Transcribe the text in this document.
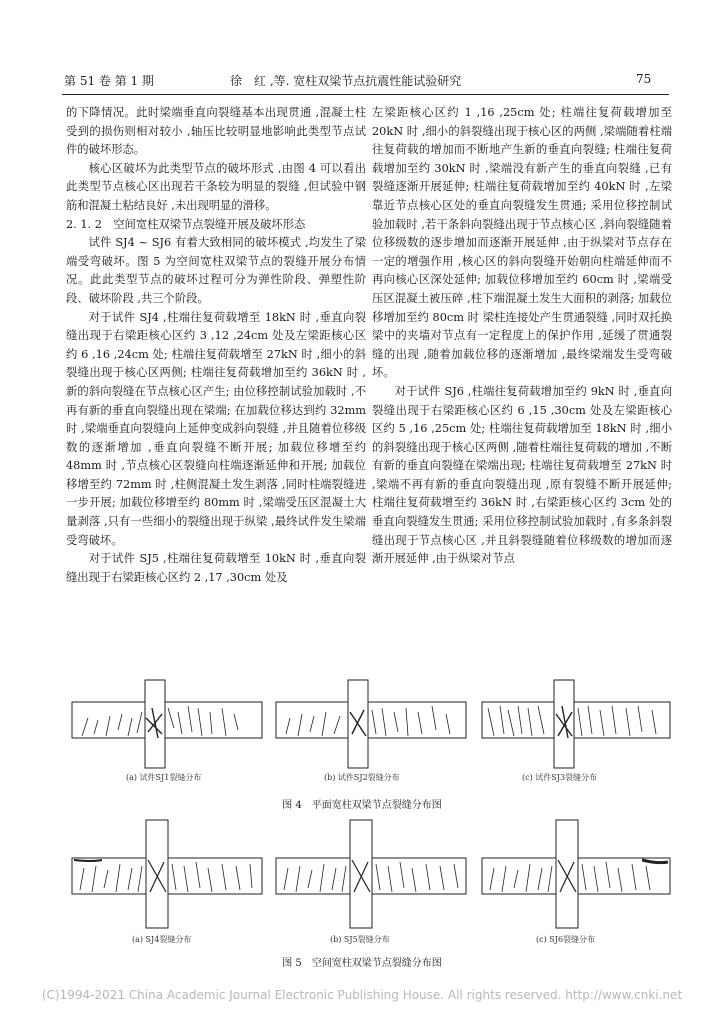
第 51 卷 第 1 期	徐　红 ,等. 宽柱双梁节点抗震性能试验研究	75

的下降情况。此时梁端垂直向裂缝基本出现贯通 ,混凝土柱受到的损伤则相对较小 ,轴压比较明显地影响此类型节点试件的破坏形态。

核心区破坏为此类型节点的破坏形式 ,由图 4 可以看出 此类型节点核心区出现若干条较为明显的裂缝 ,但试验中钢筋和混凝土粘结良好 ,未出现明显的滑移。

2. 1. 2　空间宽柱双梁节点裂缝开展及破坏形态

试件 SJ4 ~ SJ6 有着大致相同的破坏模式 ,均发生了梁端受弯破坏。图 5 为空间宽柱双梁节点的裂缝开展分布情况。此此类型节点的破坏过程可分为弹性阶段、弹塑性阶段、破坏阶段 ,共三个阶段。

对于试件 SJ4 ,柱端往复荷载增至 18kN 时 ,垂直向裂缝出现于右梁距核心区约 3 ,12 ,24cm 处及左梁距核心区约 6 ,16 ,24cm 处; 柱端往复荷载增至 27kN 时 ,细小的斜裂缝出现于核心区两侧; 柱端往复荷载增加至约 36kN 时 ,新的斜向裂缝在节点核心区产生; 由位移控制试验加载时 ,不再有新的垂直向裂缝出现在梁端; 在加载位移达到约 32mm 时 ,梁端垂直向裂缝向上延伸变成斜向裂缝 ,并且随着位移级数的逐渐增加 ,垂直向裂缝不断开展; 加载位移增至约 48mm 时 ,节点核心区裂缝向柱端逐渐延伸和开展; 加载位移增至约 72mm 时 ,柱侧混凝土发生剥落 ,同时柱端裂缝进一步开展; 加载位移增至约 80mm 时 ,梁端受压区混凝土大量剥落 ,只有一些细小的裂缝出现于纵梁 ,最终试件发生梁端受弯破坏。

对于试件 SJ5 ,柱端往复荷载增至 10kN 时 ,垂直向裂缝出现于右梁距核心区约 2 ,17 ,30cm 处及

左梁距核心区约 1 ,16 ,25cm 处; 柱端往复荷载增加至 20kN 时 ,细小的斜裂缝出现于核心区的两侧 ,梁端随着柱端往复荷载的增加而不断地产生新的垂直向裂缝; 柱端往复荷载增加至约 30kN 时 ,梁端没有新产生的垂直向裂缝 ,已有裂缝逐渐开展延伸; 柱端往复荷载增加至约 40kN 时 ,左梁靠近节点核心区处的垂直向裂缝发生贯通; 采用位移控制试验加载时 ,若干条斜向裂缝出现于节点核心区 ,斜向裂缝随着位移级数的逐步增加而逐渐开展延伸 ,由于纵梁对节点存在一定的增强作用 ,核心区的斜向裂缝开始朝向柱端延伸而不再向核心区深处延伸; 加载位移增加至约 60cm 时 ,梁端受压区混凝土被压碎 ,柱下端混凝土发生大面积的剥落; 加载位移增加至约 80cm 时 梁柱连接处产生贯通裂缝 ,同时双托换梁中的夹墙对节点有一定程度上的保护作用 ,延缓了贯通裂缝的出现 ,随着加载位移的逐渐增加 ,最终梁端发生受弯破坏。

对于试件 SJ6 ,柱端往复荷载增加至约 9kN 时 ,垂直向裂缝出现于右梁距核心区约 6 ,15 ,30cm 处及左梁距核心区约 5 ,16 ,25cm 处; 柱端往复荷载增加至 18kN 时 ,细小的斜裂缝出现于核心区两侧 ,随着柱端往复荷载的增加 ,不断有新的垂直向裂缝在梁端出现; 柱端往复荷载增至 27kN 时 ,梁端不再有新的垂直向裂缝出现 ,原有裂缝不断开展延伸; 柱端往复荷载增至约 36kN 时 ,右梁距核心区约 3cm 处的垂直向裂缝发生贯通; 采用位移控制试验加载时 ,有多条斜裂缝出现于节点核心区 ,并且斜裂缝随着位移级数的增加而逐渐开展延伸 ,由于纵梁对节点

(a) 试件SJ1裂缝分布	(b) 试件SJ2裂缝分布	(c) 试件SJ3裂缝分布
图 4　平面宽柱双梁节点裂缝分布图
(a) SJ4裂缝分布	(b) SJ5裂缝分布	(c) SJ6裂缝分布
图 5　空间宽柱双梁节点裂缝分布图
(C)1994-2021 China Academic Journal Electronic Publishing House. All rights reserved. http://www.cnki.net
